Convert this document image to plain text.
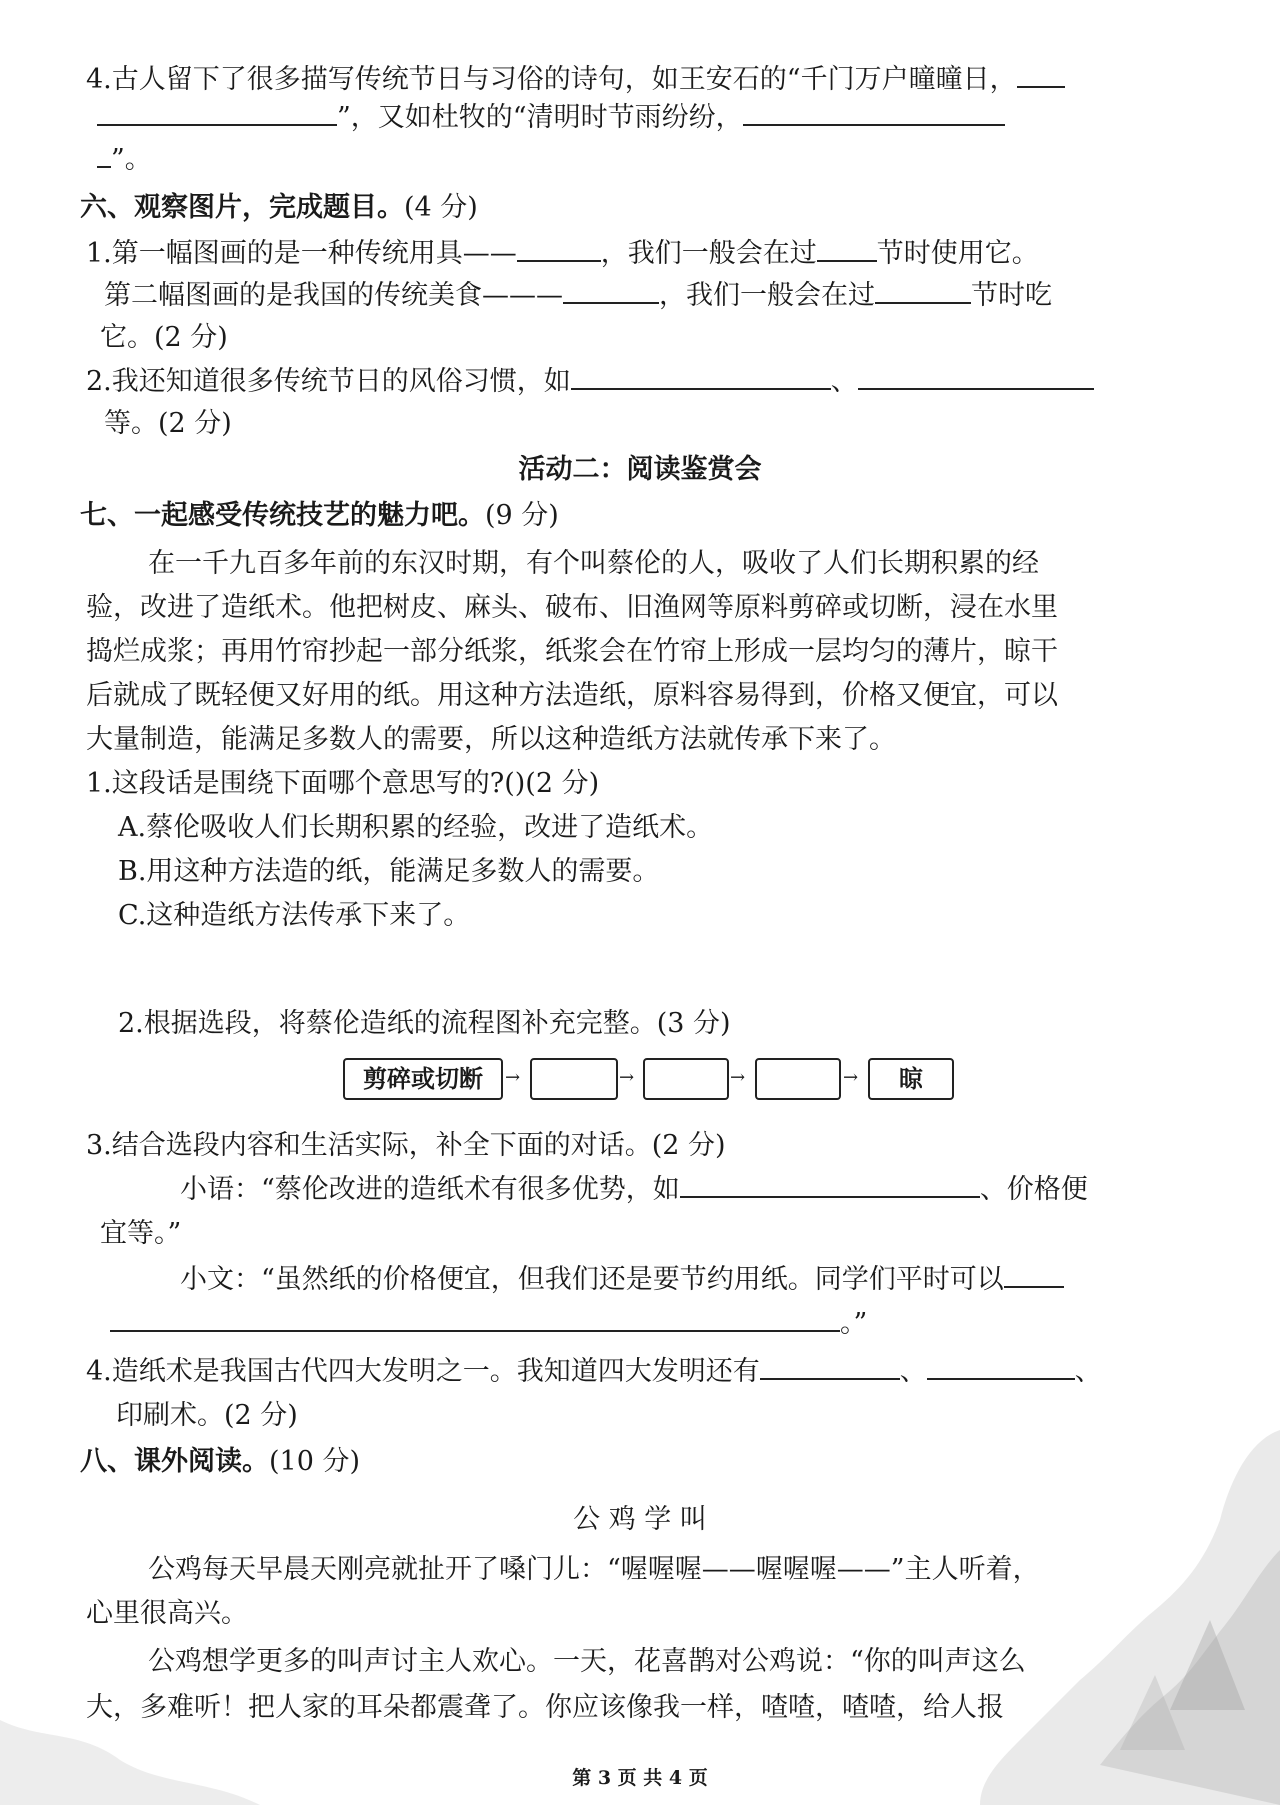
4.古人留下了很多描写传统节日与习俗的诗句，如王安石的“千门万户曈曈日，
”，又如杜牧的“清明时节雨纷纷，
”。
六、观察图片，完成题目。(4 分)
1.第一幅图画的是一种传统用具——	，我们一般会在过 节时使用它。
第二幅图画的是我国的传统美食———	，我们一般会在过	节时吃
它。(2 分)
2.我还知道很多传统节日的风俗习惯，如	、
等。(2 分)
活动二：阅读鉴赏会
七、一起感受传统技艺的魅力吧。(9 分)
在一千九百多年前的东汉时期，有个叫蔡伦的人，吸收了人们长期积累的经
验，改进了造纸术。他把树皮、麻头、破布、旧渔网等原料剪碎或切断，浸在水里
捣烂成浆；再用竹帘抄起一部分纸浆，纸浆会在竹帘上形成一层均匀的薄片，晾干
后就成了既轻便又好用的纸。用这种方法造纸，原料容易得到，价格又便宜，可以
大量制造，能满足多数人的需要，所以这种造纸方法就传承下来了。
1.这段话是围绕下面哪个意思写的?()(2 分)
A.蔡伦吸收人们长期积累的经验，改进了造纸术。
B.用这种方法造的纸，能满足多数人的需要。
C.这种造纸方法传承下来了。
2.根据选段，将蔡伦造纸的流程图补充完整。(3 分)
剪碎或切断	→	→	→	→	晾
3.结合选段内容和生活实际，补全下面的对话。(2 分)
小语：“蔡伦改进的造纸术有很多优势，如	、价格便
宜等。”
小文：“虽然纸的价格便宜，但我们还是要节约用纸。同学们平时可以
。”
4.造纸术是我国古代四大发明之一。我知道四大发明还有	、	、
印刷术。(2 分)
八、课外阅读。(10 分)
公 鸡 学 叫
公鸡每天早晨天刚亮就扯开了嗓门儿：“喔喔喔——喔喔喔——”主人听着，
心里很高兴。
公鸡想学更多的叫声讨主人欢心。一天，花喜鹊对公鸡说：“你的叫声这么
大，多难听！把人家的耳朵都震聋了。你应该像我一样，喳喳，喳喳，给人报
第 3 页 共 4 页
